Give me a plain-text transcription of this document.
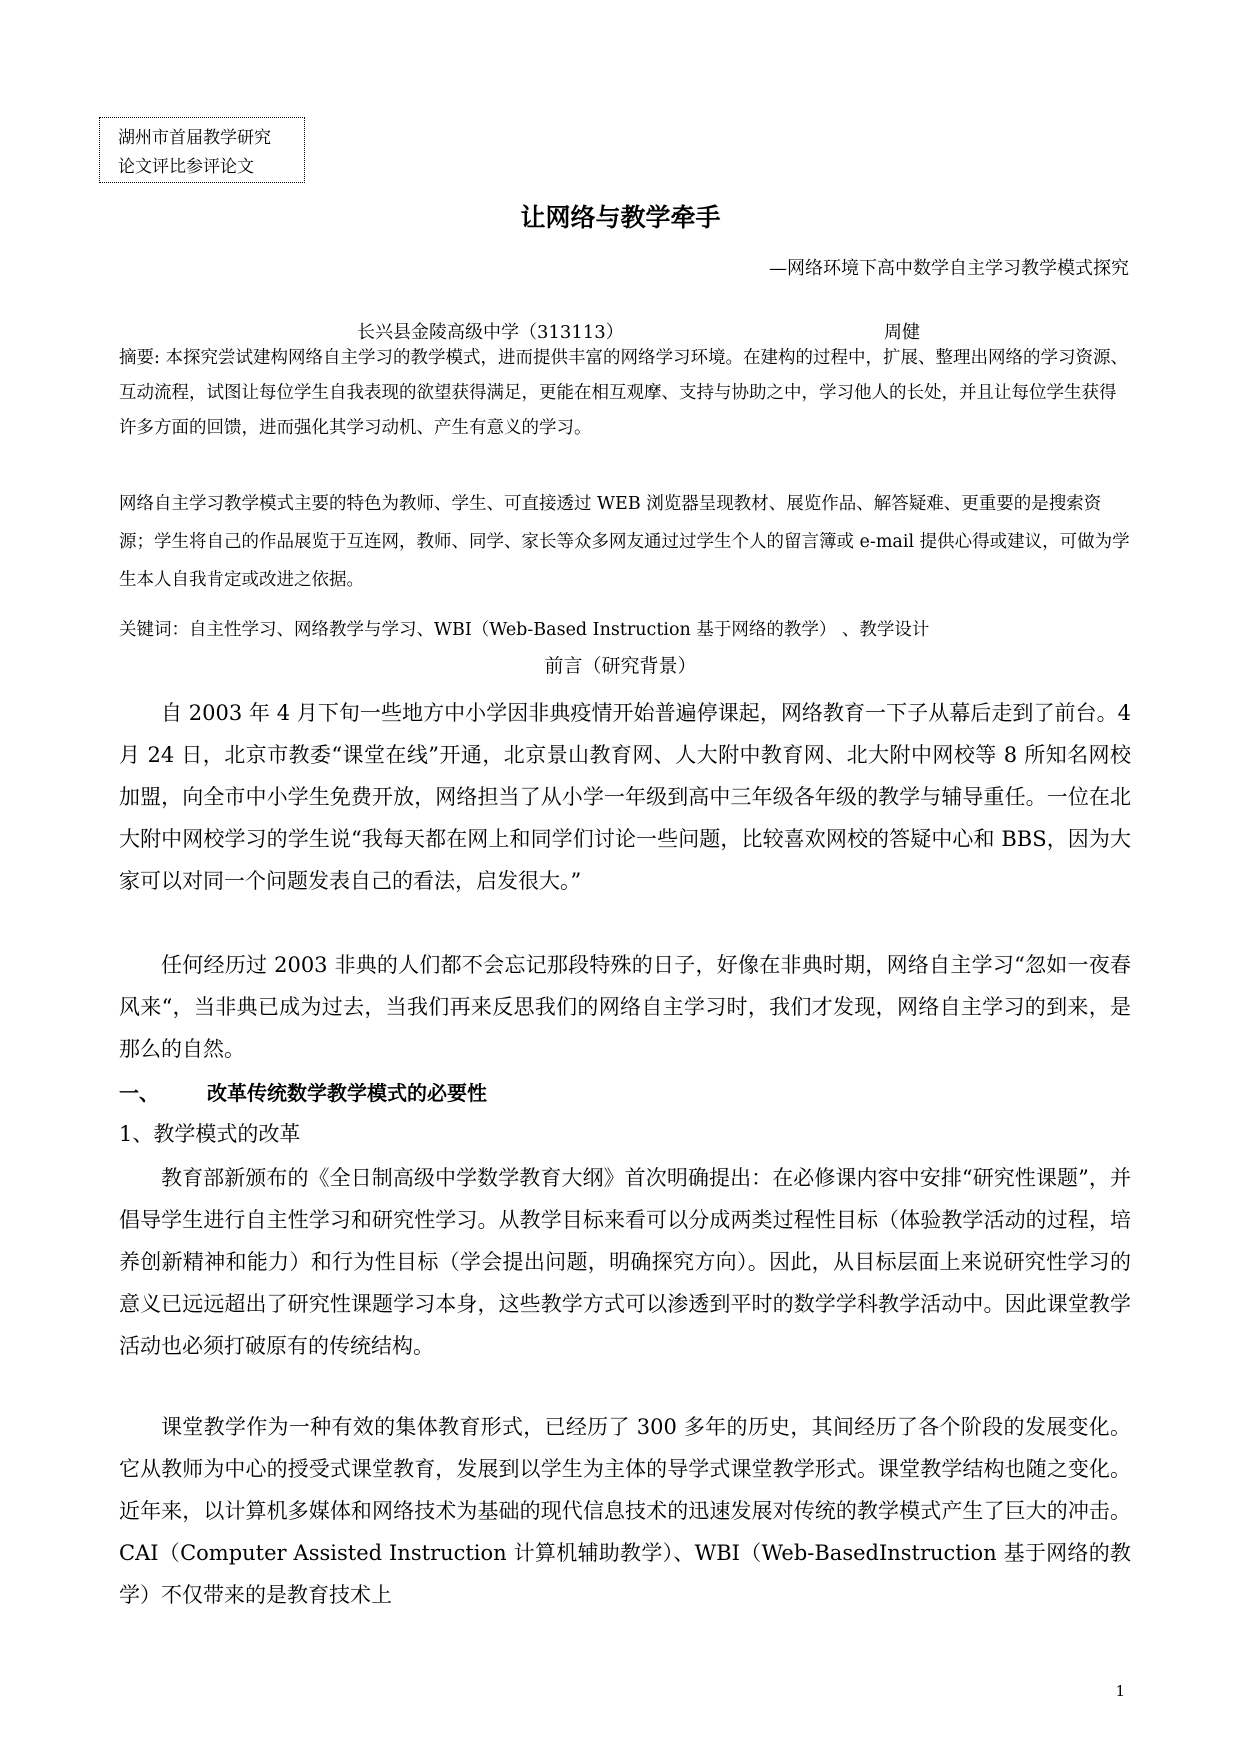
湖州市首届教学研究
论文评比参评论文
让网络与教学牵手
—网络环境下高中数学自主学习教学模式探究
长兴县金陵高级中学（313113）	周健

摘要: 本探究尝试建构网络自主学习的教学模式，进而提供丰富的网络学习环境。在建构的过程中，扩展、整理出网络的学习资源、互动流程，试图让每位学生自我表现的欲望获得满足，更能在相互观摩、支持与协助之中，学习他人的长处，并且让每位学生获得许多方面的回馈，进而强化其学习动机、产生有意义的学习。

网络自主学习教学模式主要的特色为教师、学生、可直接透过 WEB 浏览器呈现教材、展览作品、解答疑难、更重要的是搜索资源；学生将自己的作品展览于互连网，教师、同学、家长等众多网友通过过学生个人的留言簿或 e-mail 提供心得或建议，可做为学生本人自我肯定或改进之依据。

关键词：自主性学习、网络教学与学习、WBI（Web-Based Instruction 基于网络的教学） 、教学设计
前言（研究背景）

自 2003 年 4 月下旬一些地方中小学因非典疫情开始普遍停课起，网络教育一下子从幕后走到了前台。4 月 24 日，北京市教委“课堂在线”开通，北京景山教育网、人大附中教育网、北大附中网校等 8 所知名网校加盟，向全市中小学生免费开放，网络担当了从小学一年级到高中三年级各年级的教学与辅导重任。一位在北大附中网校学习的学生说“我每天都在网上和同学们讨论一些问题，比较喜欢网校的答疑中心和 BBS，因为大家可以对同一个问题发表自己的看法，启发很大。”

任何经历过 2003 非典的人们都不会忘记那段特殊的日子，好像在非典时期，网络自主学习“忽如一夜春风来“，当非典已成为过去，当我们再来反思我们的网络自主学习时，我们才发现，网络自主学习的到来，是那么的自然。

一、 改革传统数学教学模式的必要性
1、教学模式的改革

教育部新颁布的《全日制高级中学数学教育大纲》首次明确提出：在必修课内容中安排“研究性课题”，并倡导学生进行自主性学习和研究性学习。从教学目标来看可以分成两类过程性目标（体验教学活动的过程，培养创新精神和能力）和行为性目标（学会提出问题，明确探究方向）。因此，从目标层面上来说研究性学习的意义已远远超出了研究性课题学习本身，这些教学方式可以渗透到平时的数学学科教学活动中。因此课堂教学活动也必须打破原有的传统结构。

课堂教学作为一种有效的集体教育形式，已经历了 300 多年的历史，其间经历了各个阶段的发展变化。它从教师为中心的授受式课堂教育，发展到以学生为主体的导学式课堂教学形式。课堂教学结构也随之变化。近年来，以计算机多媒体和网络技术为基础的现代信息技术的迅速发展对传统的教学模式产生了巨大的冲击。CAI（Computer Assisted Instruction 计算机辅助教学）、WBI（Web-BasedInstruction 基于网络的教学）不仅带来的是教育技术上

1
